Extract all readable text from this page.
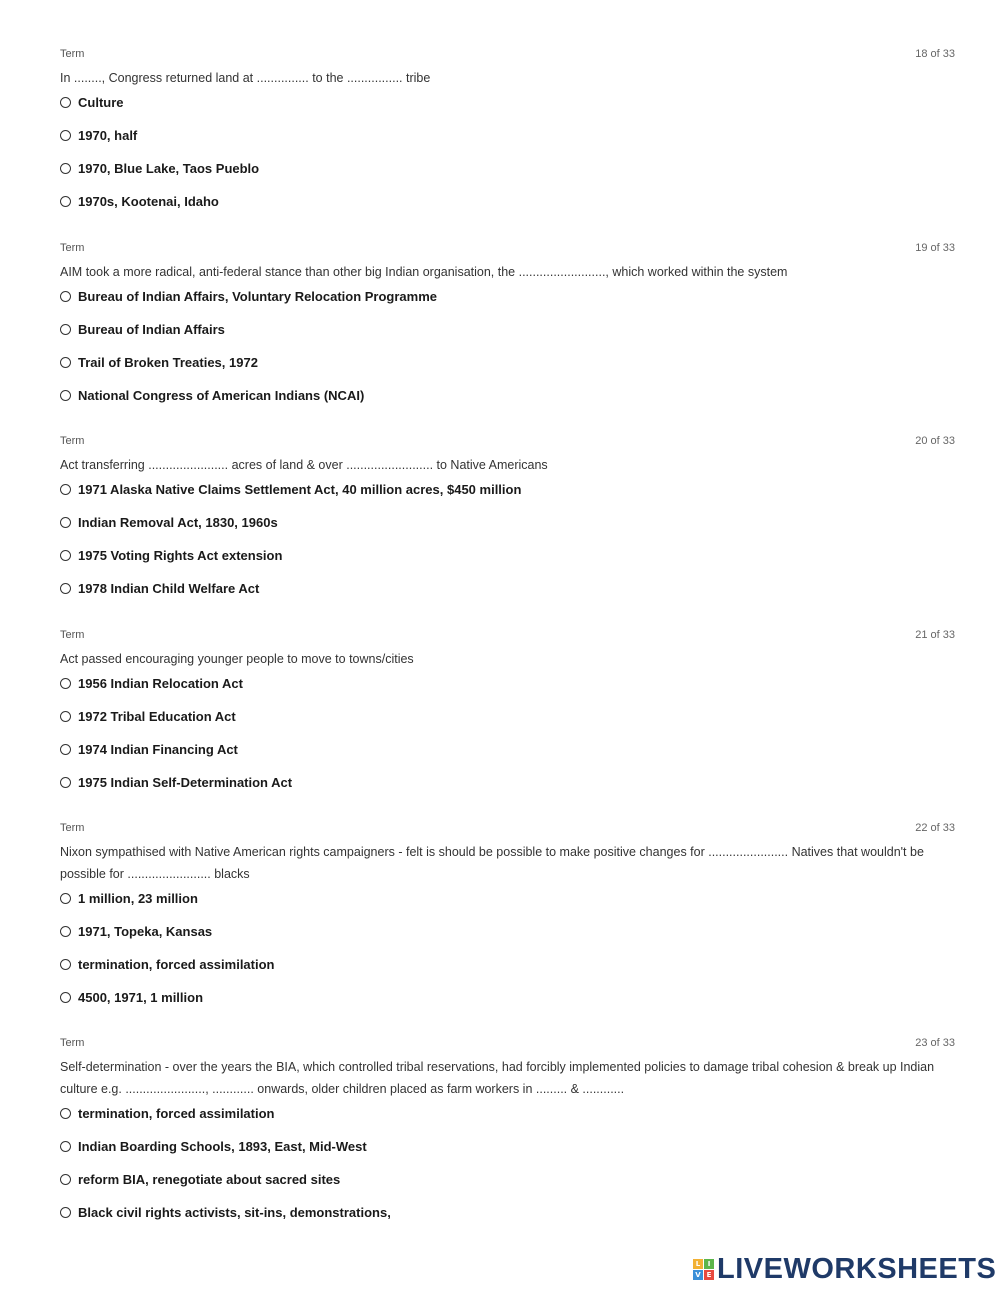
Term	18 of 33
In ........, Congress returned land at ............... to the ................ tribe
Culture
1970, half
1970, Blue Lake, Taos Pueblo
1970s, Kootenai, Idaho
Term	19 of 33
AIM took a more radical, anti-federal stance than other big Indian organisation, the ........................., which worked within the system
Bureau of Indian Affairs, Voluntary Relocation Programme
Bureau of Indian Affairs
Trail of Broken Treaties, 1972
National Congress of American Indians (NCAI)
Term	20 of 33
Act transferring ....................... acres of land & over ......................... to Native Americans
1971 Alaska Native Claims Settlement Act, 40 million acres, $450 million
Indian Removal Act, 1830, 1960s
1975 Voting Rights Act extension
1978 Indian Child Welfare Act
Term	21 of 33
Act passed encouraging younger people to move to towns/cities
1956 Indian Relocation Act
1972 Tribal Education Act
1974 Indian Financing Act
1975 Indian Self-Determination Act
Term	22 of 33
Nixon sympathised with Native American rights campaigners - felt is should be possible to make positive changes for ....................... Natives that wouldn't be possible for ........................ blacks
1 million, 23 million
1971, Topeka, Kansas
termination, forced assimilation
4500, 1971, 1 million
Term	23 of 33
Self-determination - over the years the BIA, which controlled tribal reservations, had forcibly implemented policies to damage tribal cohesion & break up Indian culture e.g. ......................., ............ onwards, older children placed as farm workers in ......... & ............
termination, forced assimilation
Indian Boarding Schools, 1893, East, Mid-West
reform BIA, renegotiate about sacred sites
Black civil rights activists, sit-ins, demonstrations,
L	I
V E LIVEWORKSHEETS
